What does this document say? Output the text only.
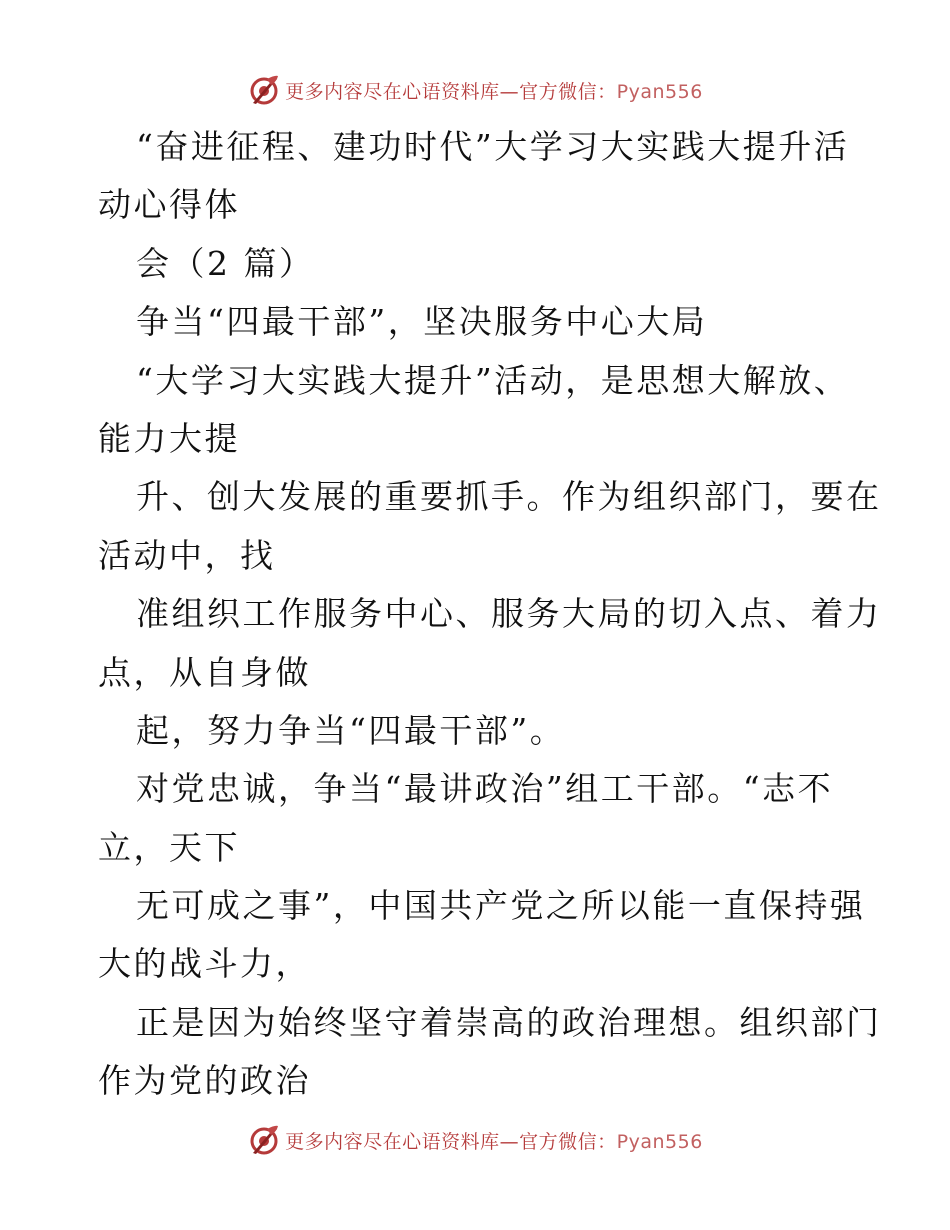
更多内容尽在心语资料库—官方微信：Pyan556
“奋进征程、建功时代”大学习大实践大提升活
动心得体
会（2 篇）
争当“四最干部”，坚决服务中心大局
“大学习大实践大提升”活动，是思想大解放、
能力大提
升、创大发展的重要抓手。作为组织部门，要在
活动中，找
准组织工作服务中心、服务大局的切入点、着力
点，从自身做
起，努力争当“四最干部”。
对党忠诚，争当“最讲政治”组工干部。“志不
立，天下
无可成之事”，中国共产党之所以能一直保持强
大的战斗力，
正是因为始终坚守着崇高的政治理想。组织部门
作为党的政治
更多内容尽在心语资料库—官方微信：Pyan556
